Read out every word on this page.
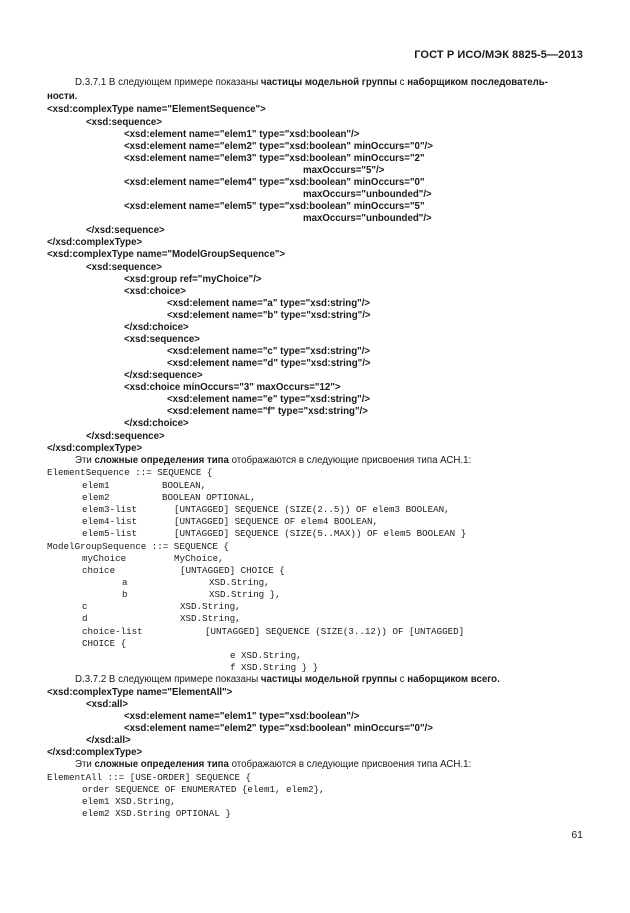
ГОСТ Р ИСО/МЭК 8825-5—2013
D.3.7.1 В следующем примере показаны частицы модельной группы с наборщиком последователь-
ности.
<xsd:complexType name="ElementSequence">
<xsd:sequence>
<xsd:element name="elem1" type="xsd:boolean"/>
<xsd:element name="elem2" type="xsd:boolean" minOccurs="0"/>
<xsd:element name="elem3" type="xsd:boolean" minOccurs="2"
maxOccurs="5"/>
<xsd:element name="elem4" type="xsd:boolean" minOccurs="0"
maxOccurs="unbounded"/>
<xsd:element name="elem5" type="xsd:boolean" minOccurs="5"
maxOccurs="unbounded"/>
</xsd:sequence>
</xsd:complexType>
<xsd:complexType name="ModelGroupSequence">
<xsd:sequence>
<xsd:group ref="myChoice"/>
<xsd:choice>
<xsd:element name="a" type="xsd:string"/>
<xsd:element name="b" type="xsd:string"/>
</xsd:choice>
<xsd:sequence>
<xsd:element name="c" type="xsd:string"/>
<xsd:element name="d" type="xsd:string"/>
</xsd:sequence>
<xsd:choice minOccurs="3" maxOccurs="12">
<xsd:element name="e" type="xsd:string"/>
<xsd:element name="f" type="xsd:string"/>
</xsd:choice>
</xsd:sequence>
</xsd:complexType>
Эти сложные определения типа отображаются в следующие присвоения типа АСН.1:
ElementSequence ::= SEQUENCE {
elem1	BOOLEAN,
elem2	BOOLEAN OPTIONAL,
elem3-list	[UNTAGGED] SEQUENCE (SIZE(2..5)) OF elem3 BOOLEAN,
elem4-list	[UNTAGGED] SEQUENCE OF elem4 BOOLEAN,
elem5-list	[UNTAGGED] SEQUENCE (SIZE(5..MAX)) OF elem5 BOOLEAN }
ModelGroupSequence ::= SEQUENCE {
myChoice	MyChoice,
choice	[UNTAGGED] CHOICE {
a	XSD.String,
b	XSD.String },
c	XSD.String,
d	XSD.String,
choice-list	[UNTAGGED] SEQUENCE (SIZE(3..12)) OF [UNTAGGED]
CHOICE {
e XSD.String,
f XSD.String } }
D.3.7.2 В следующем примере показаны частицы модельной группы с наборщиком всего.
<xsd:complexType name="ElementAll">
<xsd:all>
<xsd:element name="elem1" type="xsd:boolean"/>
<xsd:element name="elem2" type="xsd:boolean" minOccurs="0"/>
</xsd:all>
</xsd:complexType>
Эти сложные определения типа отображаются в следующие присвоения типа АСН.1:
ElementAll ::= [USE-ORDER] SEQUENCE {
order SEQUENCE OF ENUMERATED {elem1, elem2},
elem1 XSD.String,
elem2 XSD.String OPTIONAL }
61
